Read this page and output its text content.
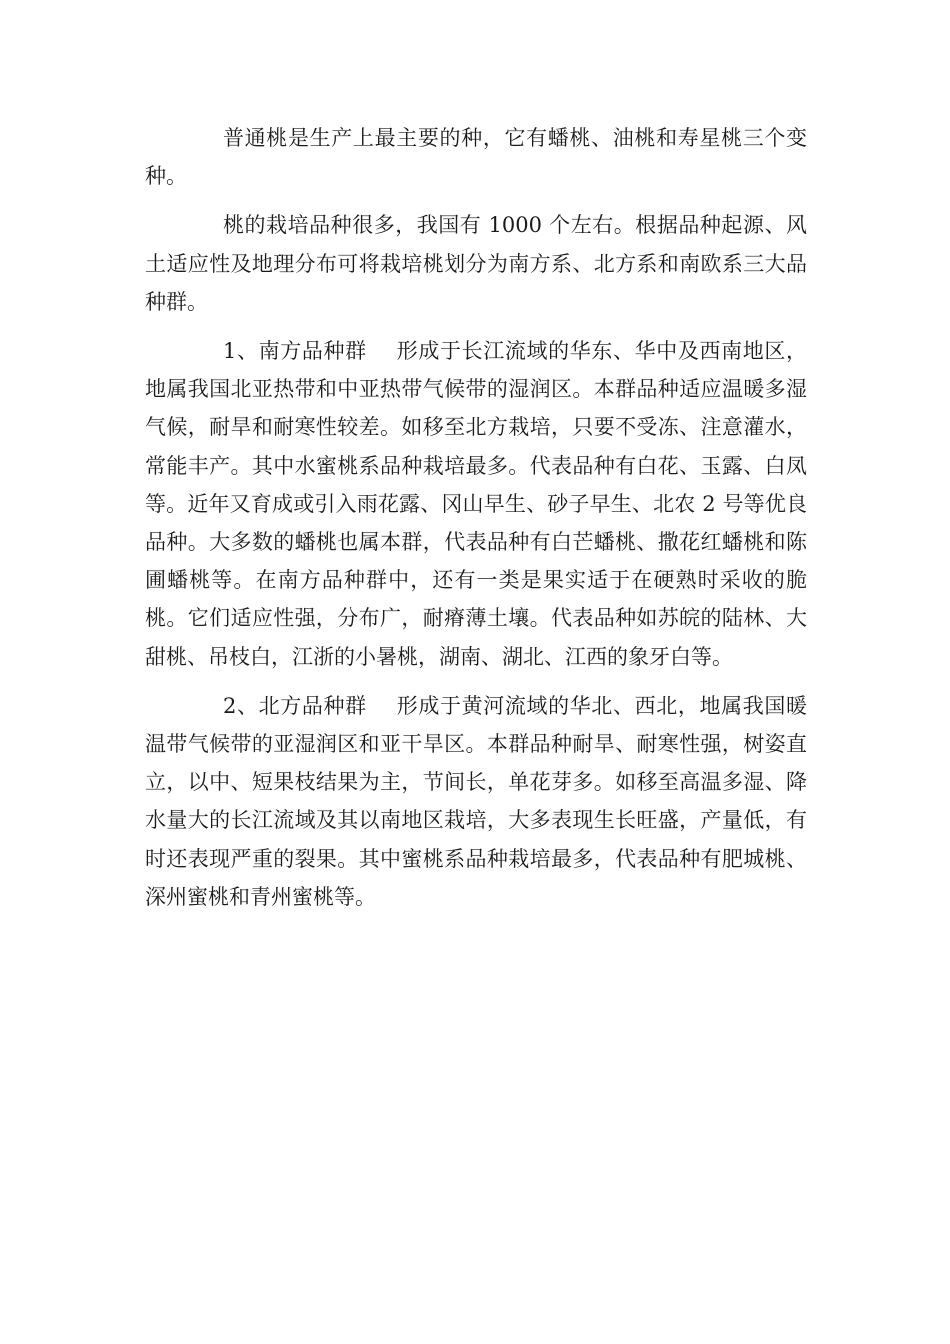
普通桃是生产上最主要的种，它有蟠桃、油桃和寿星桃三个变种。

桃的栽培品种很多，我国有 1000 个左右。根据品种起源、风土适应性及地理分布可将栽培桃划分为南方系、北方系和南欧系三大品种群。

1、南方品种群 形成于长江流域的华东、华中及西南地区，地属我国北亚热带和中亚热带气候带的湿润区。本群品种适应温暖多湿气候，耐旱和耐寒性较差。如移至北方栽培，只要不受冻、注意灌水，常能丰产。其中水蜜桃系品种栽培最多。代表品种有白花、玉露、白凤等。近年又育成或引入雨花露、冈山早生、砂子早生、北农 2 号等优良品种。大多数的蟠桃也属本群，代表品种有白芒蟠桃、撒花红蟠桃和陈圃蟠桃等。在南方品种群中，还有一类是果实适于在硬熟时采收的脆桃。它们适应性强，分布广，耐瘠薄土壤。代表品种如苏皖的陆林、大甜桃、吊枝白，江浙的小暑桃，湖南、湖北、江西的象牙白等。

2、北方品种群 形成于黄河流域的华北、西北，地属我国暖温带气候带的亚湿润区和亚干旱区。本群品种耐旱、耐寒性强，树姿直立，以中、短果枝结果为主，节间长，单花芽多。如移至高温多湿、降水量大的长江流域及其以南地区栽培，大多表现生长旺盛，产量低，有时还表现严重的裂果。其中蜜桃系品种栽培最多，代表品种有肥城桃、深州蜜桃和青州蜜桃等。
